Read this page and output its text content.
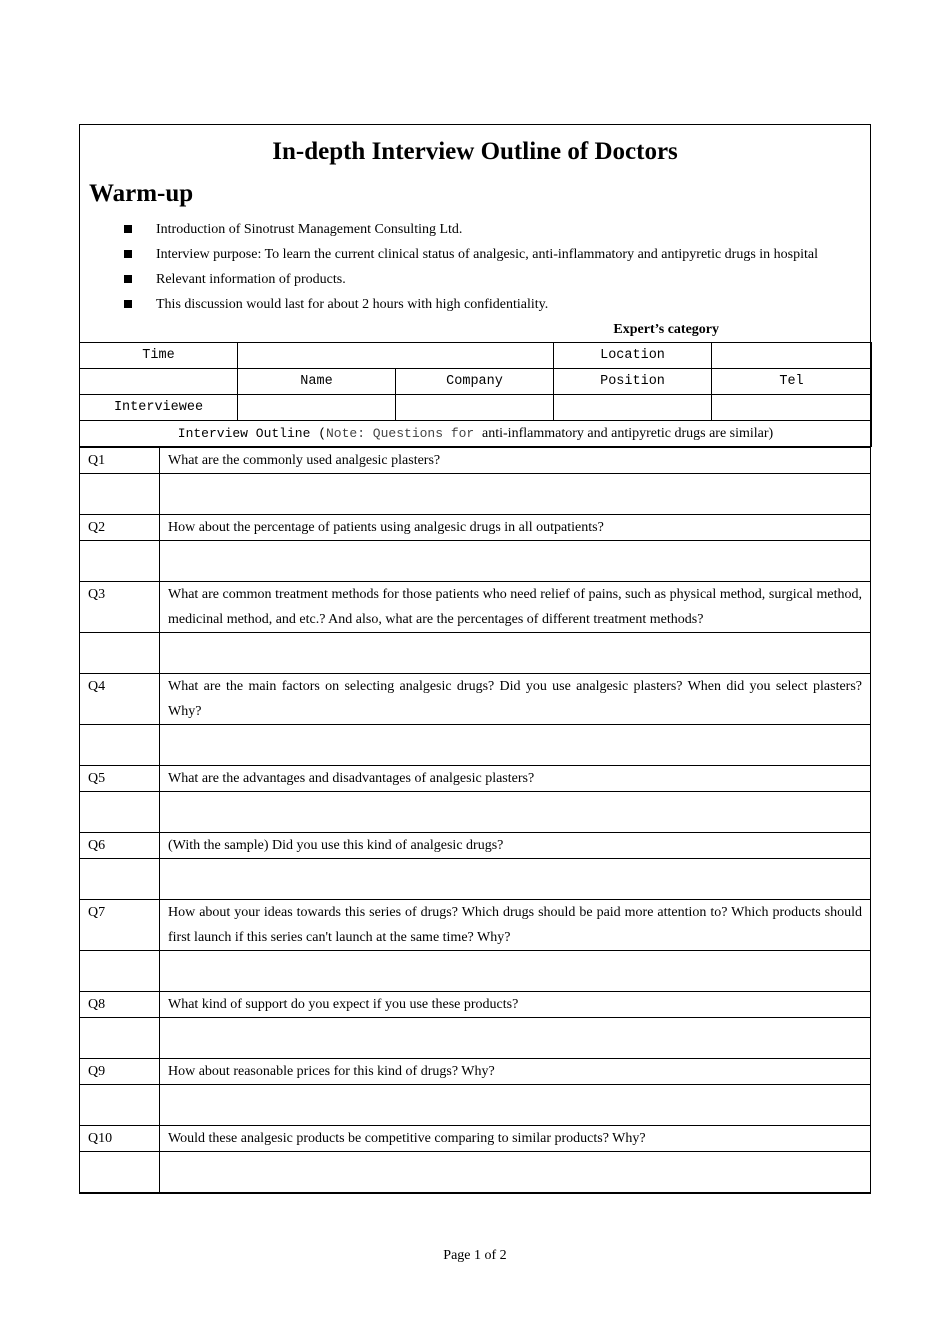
In-depth Interview Outline of Doctors
Warm-up
Introduction of Sinotrust Management Consulting Ltd.
Interview purpose: To learn the current clinical status of analgesic, anti-inflammatory and antipyretic drugs in hospital
Relevant information of products.
This discussion would last for about 2 hours with high confidentiality.
Expert’s category
Time			Location	
	Name	Company	Position	Tel
Interviewee				
Interview Outline (Note: Questions for anti-inflammatory and antipyretic drugs are similar)				
Q1	What are the commonly used analgesic plasters?

Q2	How about the percentage of patients using analgesic drugs in all outpatients?

Q3	What are common treatment methods for those patients who need relief of pains, such as physical method, surgical method, medicinal method, and etc.? And also, what are the percentages of different treatment methods?

Q4	What are the main factors on selecting analgesic drugs? Did you use analgesic plasters? When did you select plasters? Why?

Q5	What are the advantages and disadvantages of analgesic plasters?

Q6	(With the sample) Did you use this kind of analgesic drugs?

Q7	How about your ideas towards this series of drugs? Which drugs should be paid more attention to? Which products should first launch if this series can't launch at the same time? Why?

Q8	What kind of support do you expect if you use these products?

Q9	How about reasonable prices for this kind of drugs? Why?

Q10	Would these analgesic products be competitive comparing to similar products? Why?

Page 1 of 2
